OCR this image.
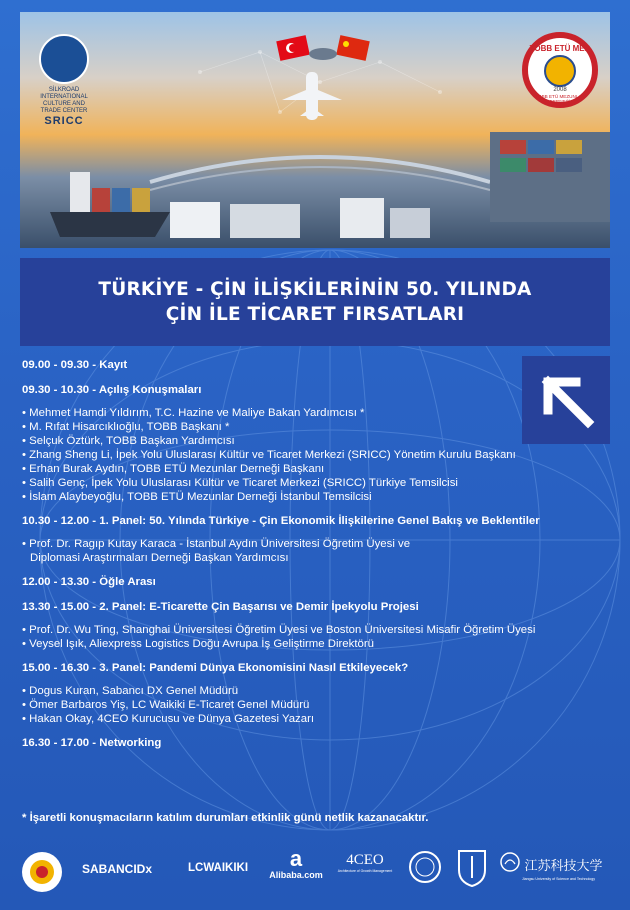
SİLKROAD INTERNATIONAL
CULTURE AND TRADE CENTER
SRICC
TOBB ETÜ MED
2008
TOBB ETÜ MEZUNLAR DERNEĞİ
TÜRKİYE - ÇİN İLİŞKİLERİNİN 50. YILINDA
ÇİN İLE TİCARET FIRSATLARI
09.00 - 09.30 - Kayıt
09.30 - 10.30 - Açılış Konuşmaları
• Mehmet Hamdi Yıldırım, T.C. Hazine ve Maliye Bakan Yardımcısı *
• M. Rıfat Hisarcıklıoğlu, TOBB Başkanı *
• Selçuk Öztürk, TOBB Başkan Yardımcısı
• Zhang Sheng Li, İpek Yolu Uluslarası Kültür ve Ticaret Merkezi (SRICC) Yönetim Kurulu Başkanı
• Erhan Burak Aydın, TOBB ETÜ Mezunlar Derneği Başkanı
• Salih Genç, İpek Yolu Uluslarası Kültür ve Ticaret Merkezi (SRICC) Türkiye Temsilcisi
• İslam Alaybeyoğlu, TOBB ETÜ Mezunlar Derneği İstanbul Temsilcisi
10.30 - 12.00 - 1. Panel: 50. Yılında Türkiye - Çin Ekonomik İlişkilerine Genel Bakış ve Beklentiler
• Prof. Dr. Ragıp Kutay Karaca - İstanbul Aydın Üniversitesi Öğretim Üyesi ve
Diplomasi Araştırmaları Derneği Başkan Yardımcısı
12.00 - 13.30 - Öğle Arası
13.30 - 15.00 - 2. Panel: E-Ticarette Çin Başarısı ve Demir İpekyolu Projesi
• Prof. Dr. Wu Ting, Shanghai Üniversitesi Öğretim Üyesi ve Boston Üniversitesi Misafir Öğretim Üyesi
• Veysel Işık, Aliexpress Logistics Doğu Avrupa İş Geliştirme Direktörü
15.00 - 16.30 - 3. Panel: Pandemi Dünya Ekonomisini Nasıl Etkileyecek?
• Dogus Kuran, Sabancı DX Genel Müdürü
• Ömer Barbaros Yiş, LC Waikiki E-Ticaret Genel Müdürü
• Hakan Okay, 4CEO Kurucusu ve Dünya Gazetesi Yazarı
16.30 - 17.00 - Networking
* İşaretli konuşmacıların katılım durumları etkinlik günü netlik kazanacaktır.
SABANCIDx	LCWAIKIKI	a
Alibaba.com
4CEO
Architecture of Growth Management	江苏科技大学
Jiangsu University of Science and Technology
